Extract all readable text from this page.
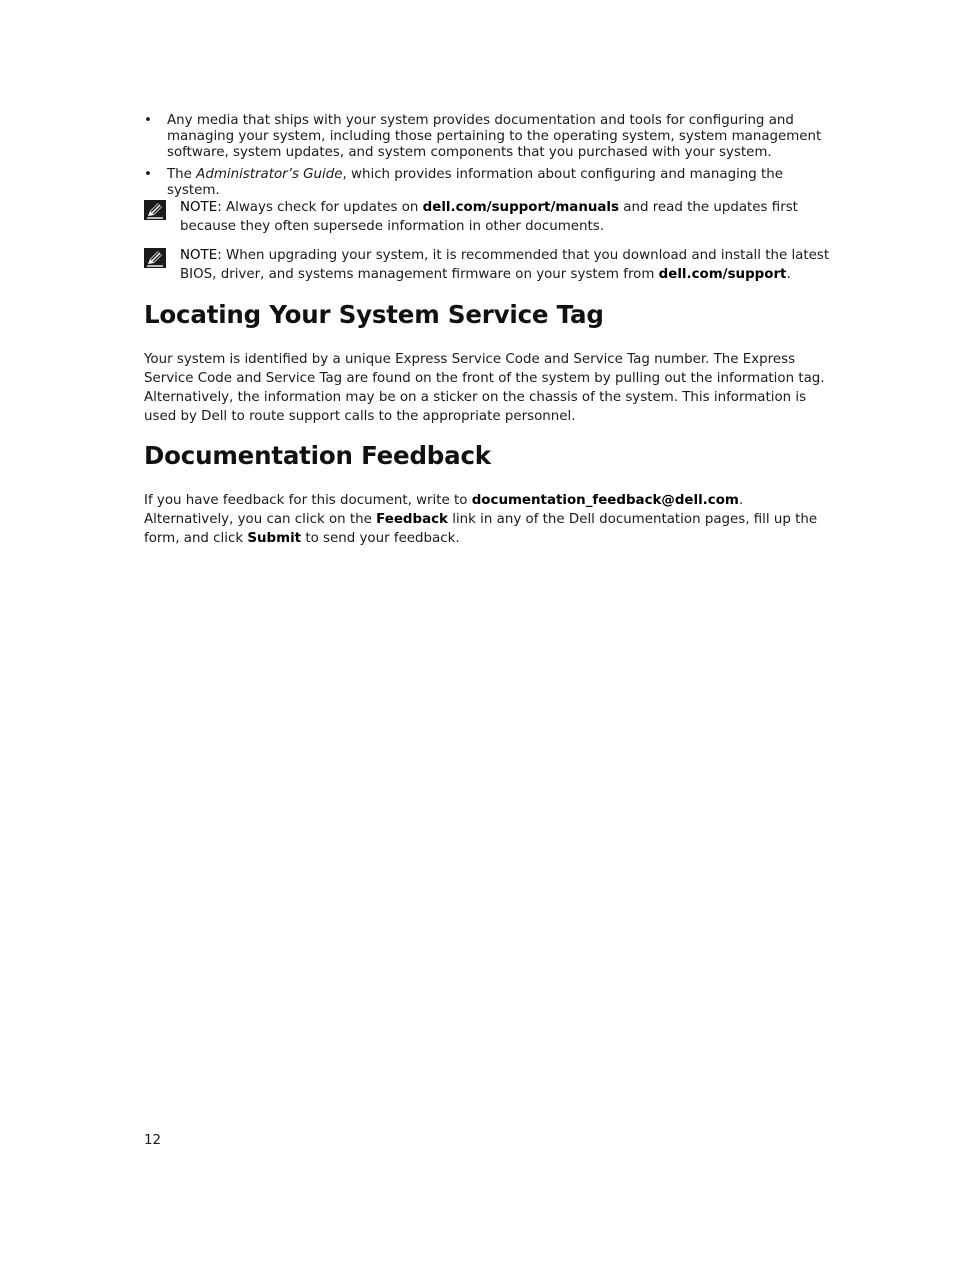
• Any media that ships with your system provides documentation and tools for configuring and managing your system, including those pertaining to the operating system, system management software, system updates, and system components that you purchased with your system.
• The Administrator’s Guide, which provides information about configuring and managing the system.
NOTE: Always check for updates on dell.com/support/manuals and read the updates first because they often supersede information in other documents.
NOTE: When upgrading your system, it is recommended that you download and install the latest BIOS, driver, and systems management firmware on your system from dell.com/support.
Locating Your System Service Tag

Your system is identified by a unique Express Service Code and Service Tag number. The Express Service Code and Service Tag are found on the front of the system by pulling out the information tag. Alternatively, the information may be on a sticker on the chassis of the system. This information is used by Dell to route support calls to the appropriate personnel.

Documentation Feedback

If you have feedback for this document, write to documentation_feedback@dell.com. Alternatively, you can click on the Feedback link in any of the Dell documentation pages, fill up the form, and click Submit to send your feedback.

12
